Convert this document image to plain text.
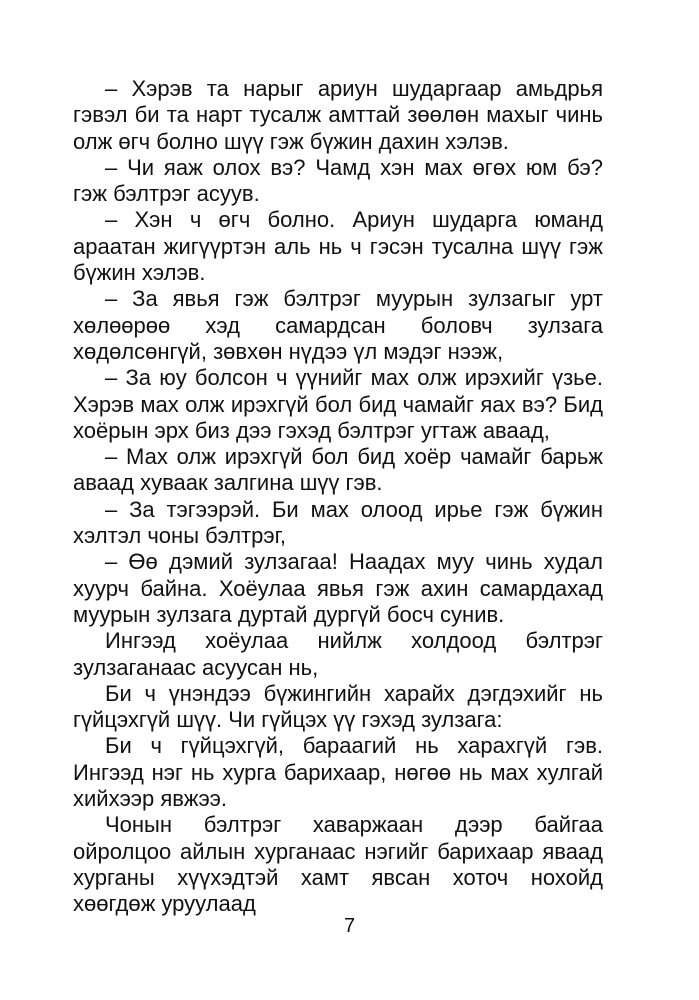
– Хэрэв та нарыг ариун шударгаар амьдрья гэвэл би та нарт тусалж амттай зөөлөн махыг чинь олж өгч болно шүү гэж бүжин дахин хэлэв.

– Чи яаж олох вэ? Чамд хэн мах өгөх юм бэ? гэж бэлтрэг асуув.

– Хэн ч өгч болно. Ариун шударга юманд араатан жигүүртэн аль нь ч гэсэн тусална шүү гэж бүжин хэлэв.

– За явья гэж бэлтрэг муурын зулзагыг урт хөлөөрөө хэд самардсан боловч зулзага хөдөлсөнгүй, зөвхөн нүдээ үл мэдэг нээж,

– За юу болсон ч үүнийг мах олж ирэхийг үзье. Хэрэв мах олж ирэхгүй бол бид чамайг яах вэ? Бид хоёрын эрх биз дээ гэхэд бэлтрэг угтаж аваад,

– Мах олж ирэхгүй бол бид хоёр чамайг барьж аваад хуваак залгина шүү гэв.

– За тэгээрэй. Би мах олоод ирье гэж бүжин хэлтэл чоны бэлтрэг,

– Өө дэмий зулзагаа! Наадах муу чинь худал хуурч байна. Хоёулаа явья гэж ахин самардахад муурын зулзага дуртай дургүй босч сунив.

Ингээд хоёулаа нийлж холдоод бэлтрэг зулзаганаас асуусан нь,

Би ч үнэндээ бүжингийн харайх дэгдэхийг нь гүйцэхгүй шүү. Чи гүйцэх үү гэхэд зулзага:

Би ч гүйцэхгүй, бараагий нь харахгүй гэв. Ингээд нэг нь хурга барихаар, нөгөө нь мах хулгай хийхээр явжээ.

Чонын бэлтрэг хаваржаан дээр байгаа ойролцоо айлын хурганаас нэгийг барихаар яваад хурганы хүүхэдтэй хамт явсан хоточ нохойд хөөгдөж уруулаад

7
